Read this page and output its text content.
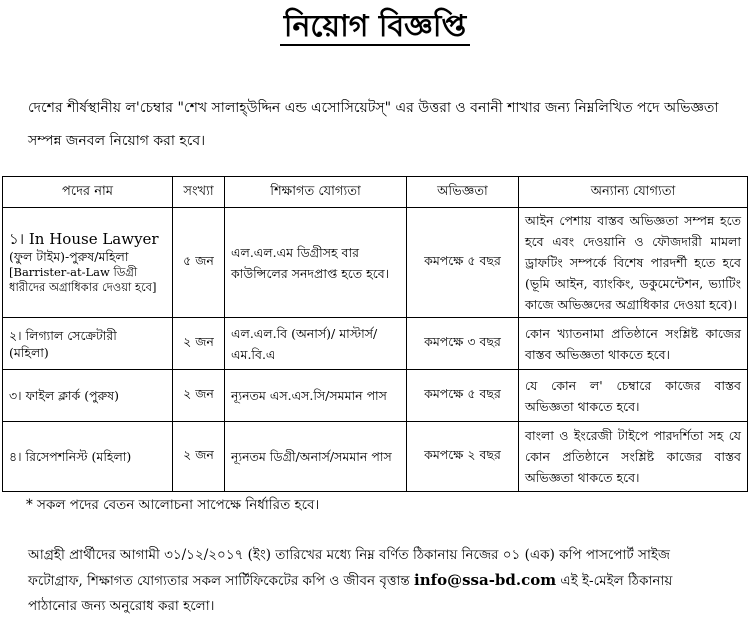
নিয়োগ বিজ্ঞপ্তি

দেশের শীর্ষস্থানীয় ল'চেম্বার "শেখ সালাহ্উদ্দিন এন্ড এসোসিয়েটস্" এর উত্তরা ও বনানী শাখার জন্য নিম্নলিখিত পদে অভিজ্ঞতা

সম্পন্ন জনবল নিয়োগ করা হবে।

পদের নাম	সংখ্যা	শিক্ষাগত যোগ্যতা	অভিজ্ঞতা	অন্যান্য যোগ্যতা

১। In House Lawyer
(ফুল টাইম)-পুরুষ/মহিলা
[Barrister-at-Law ডিগ্রী ধারীদের অগ্রাধিকার দেওয়া হবে]	৫ জন	এল.এল.এম ডিগ্রীসহ বার কাউন্সিলের সনদপ্রাপ্ত হতে হবে।	কমপক্ষে ৫ বছর	আইন পেশায় বাস্তব অভিজ্ঞতা সম্পন্ন হতে হবে এবং দেওয়ানি ও ফৌজদারী মামলা ড্রাফটিং সম্পর্কে বিশেষ পারদর্শী হতে হবে (ভূমি আইন, ব্যাংকিং, ডকুমেন্টেশন, ভ্যাটিং কাজে অভিজ্ঞদের অগ্রাধিকার দেওয়া হবে)।

২। লিগ্যাল সেক্রেটারী
(মহিলা)	২ জন	এল.এল.বি (অনার্স)/ মাস্টার্স/ এম.বি.এ	কমপক্ষে ৩ বছর	কোন খ্যাতনামা প্রতিষ্ঠানে সংশ্লিষ্ট কাজের বাস্তব অভিজ্ঞতা থাকতে হবে।

৩। ফাইল ক্লার্ক (পুরুষ)	২ জন	ন্যূনতম এস.এস.সি/সমমান পাস	কমপক্ষে ৫ বছর	যে কোন ল' চেম্বারে কাজের বাস্তব অভিজ্ঞতা থাকতে হবে।

৪। রিসেপশনিস্ট (মহিলা)	২ জন	ন্যূনতম ডিগ্রী/অনার্স/সমমান পাস	কমপক্ষে ২ বছর	বাংলা ও ইংরেজী টাইপে পারদর্শিতা সহ যে কোন প্রতিষ্ঠানে সংশ্লিষ্ট কাজের বাস্তব অভিজ্ঞতা থাকতে হবে।
* সকল পদের বেতন আলোচনা সাপেক্ষে নির্ধারিত হবে।

আগ্রহী প্রার্থীদের আগামী ৩১/১২/২০১৭ (ইং) তারিখের মধ্যে নিম্ন বর্ণিত ঠিকানায় নিজের ০১ (এক) কপি পাসপোর্ট সাইজ

ফটোগ্রাফ, শিক্ষাগত যোগ্যতার সকল সার্টিফিকেটের কপি ও জীবন বৃত্তান্ত info@ssa-bd.com এই ই-মেইল ঠিকানায়

পাঠানোর জন্য অনুরোধ করা হলো।
